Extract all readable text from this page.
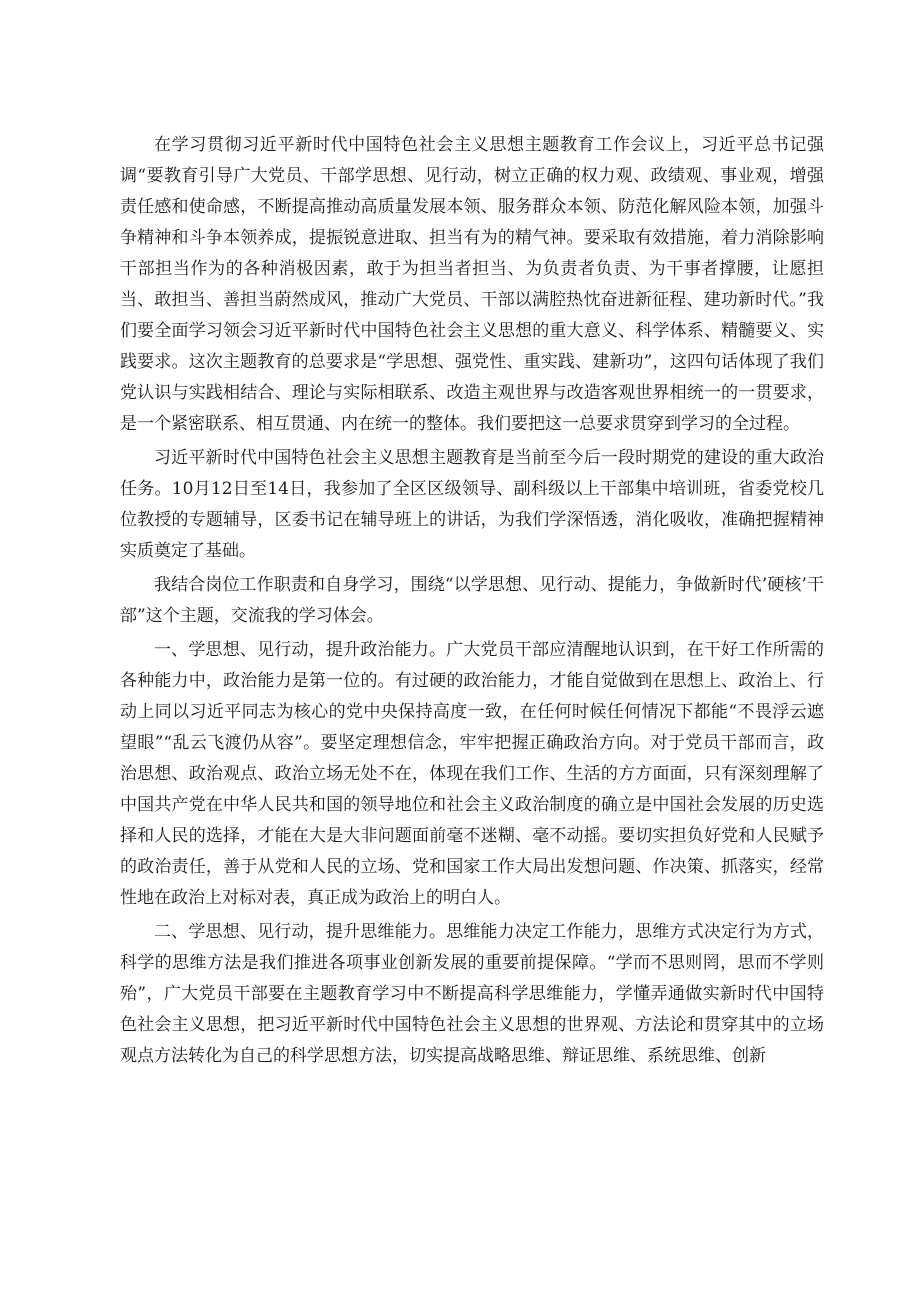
在学习贯彻习近平新时代中国特色社会主义思想主题教育工作会议上，习近平总书记强调“要教育引导广大党员、干部学思想、见行动，树立正确的权力观、政绩观、事业观，增强责任感和使命感，不断提高推动高质量发展本领、服务群众本领、防范化解风险本领，加强斗争精神和斗争本领养成，提振锐意进取、担当有为的精气神。要采取有效措施，着力消除影响干部担当作为的各种消极因素，敢于为担当者担当、为负责者负责、为干事者撑腰，让愿担当、敢担当、善担当蔚然成风，推动广大党员、干部以满腔热忱奋进新征程、建功新时代。”我们要全面学习领会习近平新时代中国特色社会主义思想的重大意义、科学体系、精髓要义、实践要求。这次主题教育的总要求是“学思想、强党性、重实践、建新功”，这四句话体现了我们党认识与实践相结合、理论与实际相联系、改造主观世界与改造客观世界相统一的一贯要求，是一个紧密联系、相互贯通、内在统一的整体。我们要把这一总要求贯穿到学习的全过程。

习近平新时代中国特色社会主义思想主题教育是当前至今后一段时期党的建设的重大政治任务。10月12日至14日，我参加了全区区级领导、副科级以上干部集中培训班，省委党校几位教授的专题辅导，区委书记在辅导班上的讲话，为我们学深悟透，消化吸收，准确把握精神实质奠定了基础。

我结合岗位工作职责和自身学习，围绕“以学思想、见行动、提能力，争做新时代’硬核’干部”这个主题，交流我的学习体会。

一、学思想、见行动，提升政治能力。广大党员干部应清醒地认识到，在干好工作所需的各种能力中，政治能力是第一位的。有过硬的政治能力，才能自觉做到在思想上、政治上、行动上同以习近平同志为核心的党中央保持高度一致，在任何时候任何情况下都能“不畏浮云遮望眼”“乱云飞渡仍从容”。要坚定理想信念，牢牢把握正确政治方向。对于党员干部而言，政治思想、政治观点、政治立场无处不在，体现在我们工作、生活的方方面面，只有深刻理解了中国共产党在中华人民共和国的领导地位和社会主义政治制度的确立是中国社会发展的历史选择和人民的选择，才能在大是大非问题面前毫不迷糊、毫不动摇。要切实担负好党和人民赋予的政治责任，善于从党和人民的立场、党和国家工作大局出发想问题、作决策、抓落实，经常性地在政治上对标对表，真正成为政治上的明白人。

二、学思想、见行动，提升思维能力。思维能力决定工作能力，思维方式决定行为方式，科学的思维方法是我们推进各项事业创新发展的重要前提保障。“学而不思则罔，思而不学则殆”，广大党员干部要在主题教育学习中不断提高科学思维能力，学懂弄通做实新时代中国特色社会主义思想，把习近平新时代中国特色社会主义思想的世界观、方法论和贯穿其中的立场观点方法转化为自己的科学思想方法，切实提高战略思维、辩证思维、系统思维、创新
